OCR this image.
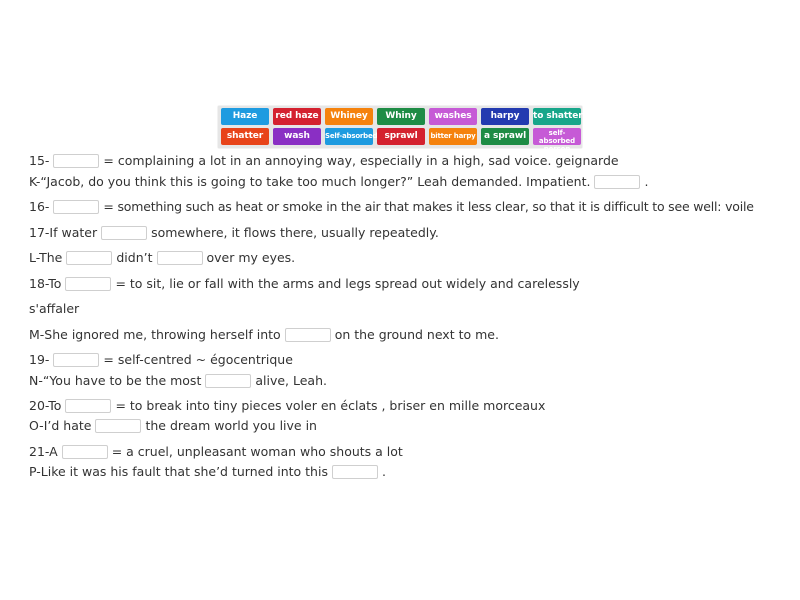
Haze	red haze	Whiney	Whiny	washes	harpy	to shatter
shatter	wash	Self-absorbed sprawl	bitter harpy a sprawl	self-absorbed person
15-	= complaining a lot in an annoying way, especially in a high, sad voice. geignarde
K-“Jacob, do you think this is going to take too much longer?” Leah demanded. Impatient.	.
16-	= something such as heat or smoke in the air that makes it less clear, so that it is difficult to see well: voile
17-If water	somewhere, it flows there, usually repeatedly.
L-The	didn’t	over my eyes.
18-To	= to sit, lie or fall with the arms and legs spread out widely and carelessly
s'affaler
M-She ignored me, throwing herself into	on the ground next to me.
19-	= self-centred ~ égocentrique
N-“You have to be the most	alive, Leah.
20-To	= to break into tiny pieces voler en éclats , briser en mille morceaux
O-I’d hate	the dream world you live in
21-A	= a cruel, unpleasant woman who shouts a lot
P-Like it was his fault that she’d turned into this	.
